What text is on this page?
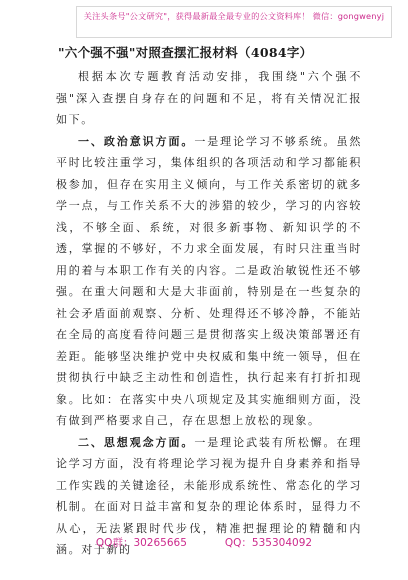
关注头条号"公文研究"，获得最新最全最专业的公文资料库！ 微信：gongwenyj
"六个强不强"对照查摆汇报材料（4084字）

根据本次专题教育活动安排，我围绕"六个强不强"深入查摆自身存在的问题和不足，将有关情况汇报如下。

一、政治意识方面。一是理论学习不够系统。虽然平时比较注重学习，集体组织的各项活动和学习都能积极参加，但存在实用主义倾向，与工作关系密切的就多学一点，与工作关系不大的涉猎的较少，学习的内容较浅，不够全面、系统，对很多新事物、新知识学的不透，掌握的不够好，不力求全面发展，有时只注重当时用的着与本职工作有关的内容。二是政治敏锐性还不够强。在重大问题和大是大非面前，特别是在一些复杂的社会矛盾面前观察、分析、处理得还不够冷静，不能站在全局的高度看待问题三是贯彻落实上级决策部署还有差距。能够坚决维护党中央权威和集中统一领导，但在贯彻执行中缺乏主动性和创造性，执行起来有打折扣现象。比如：在落实中央八项规定及其实施细则方面，没有做到严格要求自己，存在思想上放松的现象。

二、思想观念方面。一是理论武装有所松懈。在理论学习方面，没有将理论学习视为提升自身素养和指导工作实践的关键途径，未能形成系统性、常态化的学习机制。在面对日益丰富和复杂的理论体系时，显得力不从心，无法紧跟时代步伐，精准把握理论的精髓和内涵。对于新的

QQ群：30265665	QQ：535304092
